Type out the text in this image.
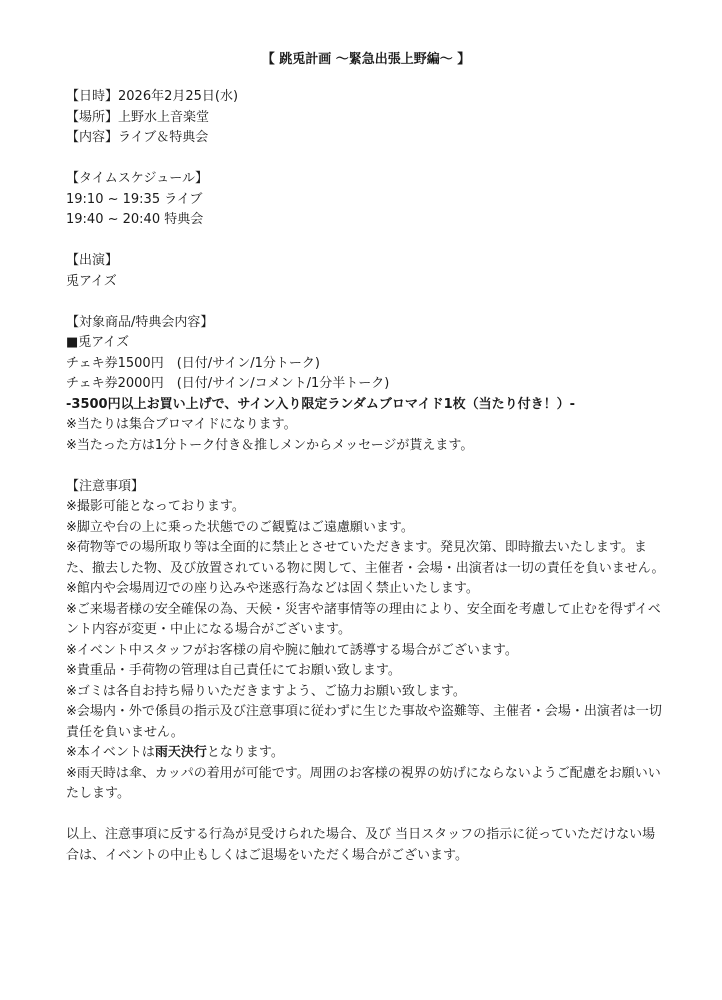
【 跳兎計画 〜緊急出張上野編〜 】

【日時】2026年2月25日(水)

【場所】上野水上音楽堂

【内容】ライブ＆特典会

【タイムスケジュール】

19:10 ~ 19:35 ライブ

19:40 ~ 20:40 特典会

【出演】

兎アイズ

【対象商品/特典会内容】

■兎アイズ

チェキ券1500円　(日付/サイン/1分トーク)

チェキ券2000円　(日付/サイン/コメント/1分半トーク)

-3500円以上お買い上げで、サイン入り限定ランダムブロマイド1枚（当たり付き！）-

※当たりは集合ブロマイドになります。

※当たった方は1分トーク付き＆推しメンからメッセージが貰えます。

【注意事項】

※撮影可能となっております。

※脚立や台の上に乗った状態でのご観覧はご遠慮願います。

※荷物等での場所取り等は全面的に禁止とさせていただきます。発見次第、即時撤去いたします。また、撤去した物、及び放置されている物に関して、主催者・会場・出演者は一切の責任を負いません。

※館内や会場周辺での座り込みや迷惑行為などは固く禁止いたします。

※ご来場者様の安全確保の為、天候・災害や諸事情等の理由により、安全面を考慮して止むを得ずイベント内容が変更・中止になる場合がございます。

※イベント中スタッフがお客様の肩や腕に触れて誘導する場合がございます。

※貴重品・手荷物の管理は自己責任にてお願い致します。

※ゴミは各自お持ち帰りいただきますよう、ご協力お願い致します。

※会場内・外で係員の指示及び注意事項に従わずに生じた事故や盗難等、主催者・会場・出演者は一切責任を負いません。

※本イベントは雨天決行となります。

※雨天時は傘、カッパの着用が可能です。周囲のお客様の視界の妨げにならないようご配慮をお願いいたします。

以上、注意事項に反する行為が見受けられた場合、及び 当日スタッフの指示に従っていただけない場合は、イベントの中止もしくはご退場をいただく場合がございます。
